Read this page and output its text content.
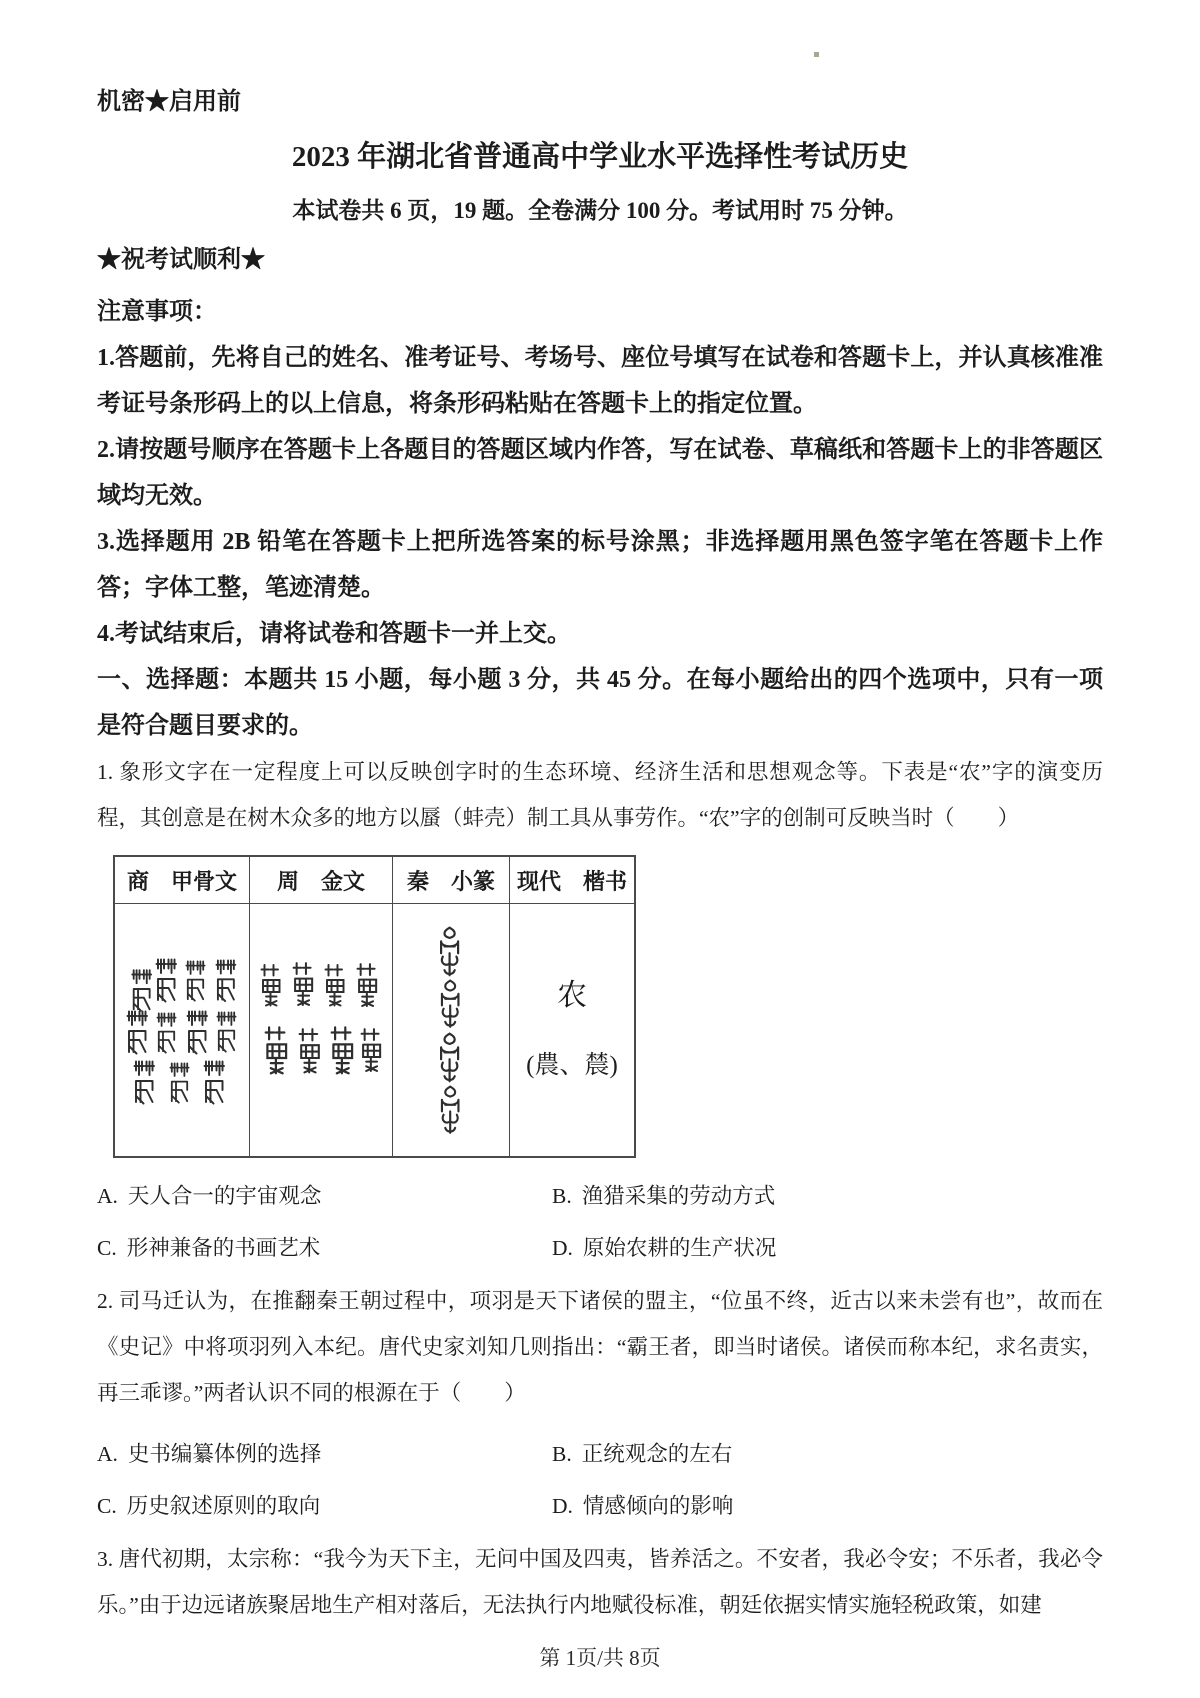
机密★启用前
2023 年湖北省普通高中学业水平选择性考试历史
本试卷共 6 页，19 题。全卷满分 100 分。考试用时 75 分钟。
★祝考试顺利★
注意事项：

1.答题前，先将自己的姓名、准考证号、考场号、座位号填写在试卷和答题卡上，并认真核准准考证号条形码上的以上信息，将条形码粘贴在答题卡上的指定位置。

2.请按题号顺序在答题卡上各题目的答题区域内作答，写在试卷、草稿纸和答题卡上的非答题区域均无效。

3.选择题用 2B 铅笔在答题卡上把所选答案的标号涂黑；非选择题用黑色签字笔在答题卡上作答；字体工整，笔迹清楚。

4.考试结束后，请将试卷和答题卡一并上交。

一、选择题：本题共 15 小题，每小题 3 分，共 45 分。在每小题给出的四个选项中，只有一项是符合题目要求的。

1. 象形文字在一定程度上可以反映创字时的生态环境、经济生活和思想观念等。下表是“农”字的演变历程，其创意是在树木众多的地方以蜃（蚌壳）制工具从事劳作。“农”字的创制可反映当时（　　）

商　甲骨文	周　金文	秦　小篆	现代　楷书

农
(農、辳)
A. 天人合一的宇宙观念	B. 渔猎采集的劳动方式
C. 形神兼备的书画艺术	D. 原始农耕的生产状况

2. 司马迁认为，在推翻秦王朝过程中，项羽是天下诸侯的盟主，“位虽不终，近古以来未尝有也”，故而在《史记》中将项羽列入本纪。唐代史家刘知几则指出：“霸王者，即当时诸侯。诸侯而称本纪，求名责实，再三乖谬。”两者认识不同的根源在于（　　）

A. 史书编纂体例的选择	B. 正统观念的左右
C. 历史叙述原则的取向	D. 情感倾向的影响

3. 唐代初期，太宗称：“我今为天下主，无问中国及四夷，皆养活之。不安者，我必令安；不乐者，我必令乐。”由于边远诸族聚居地生产相对落后，无法执行内地赋役标准，朝廷依据实情实施轻税政策，如建

第 1页/共 8页
